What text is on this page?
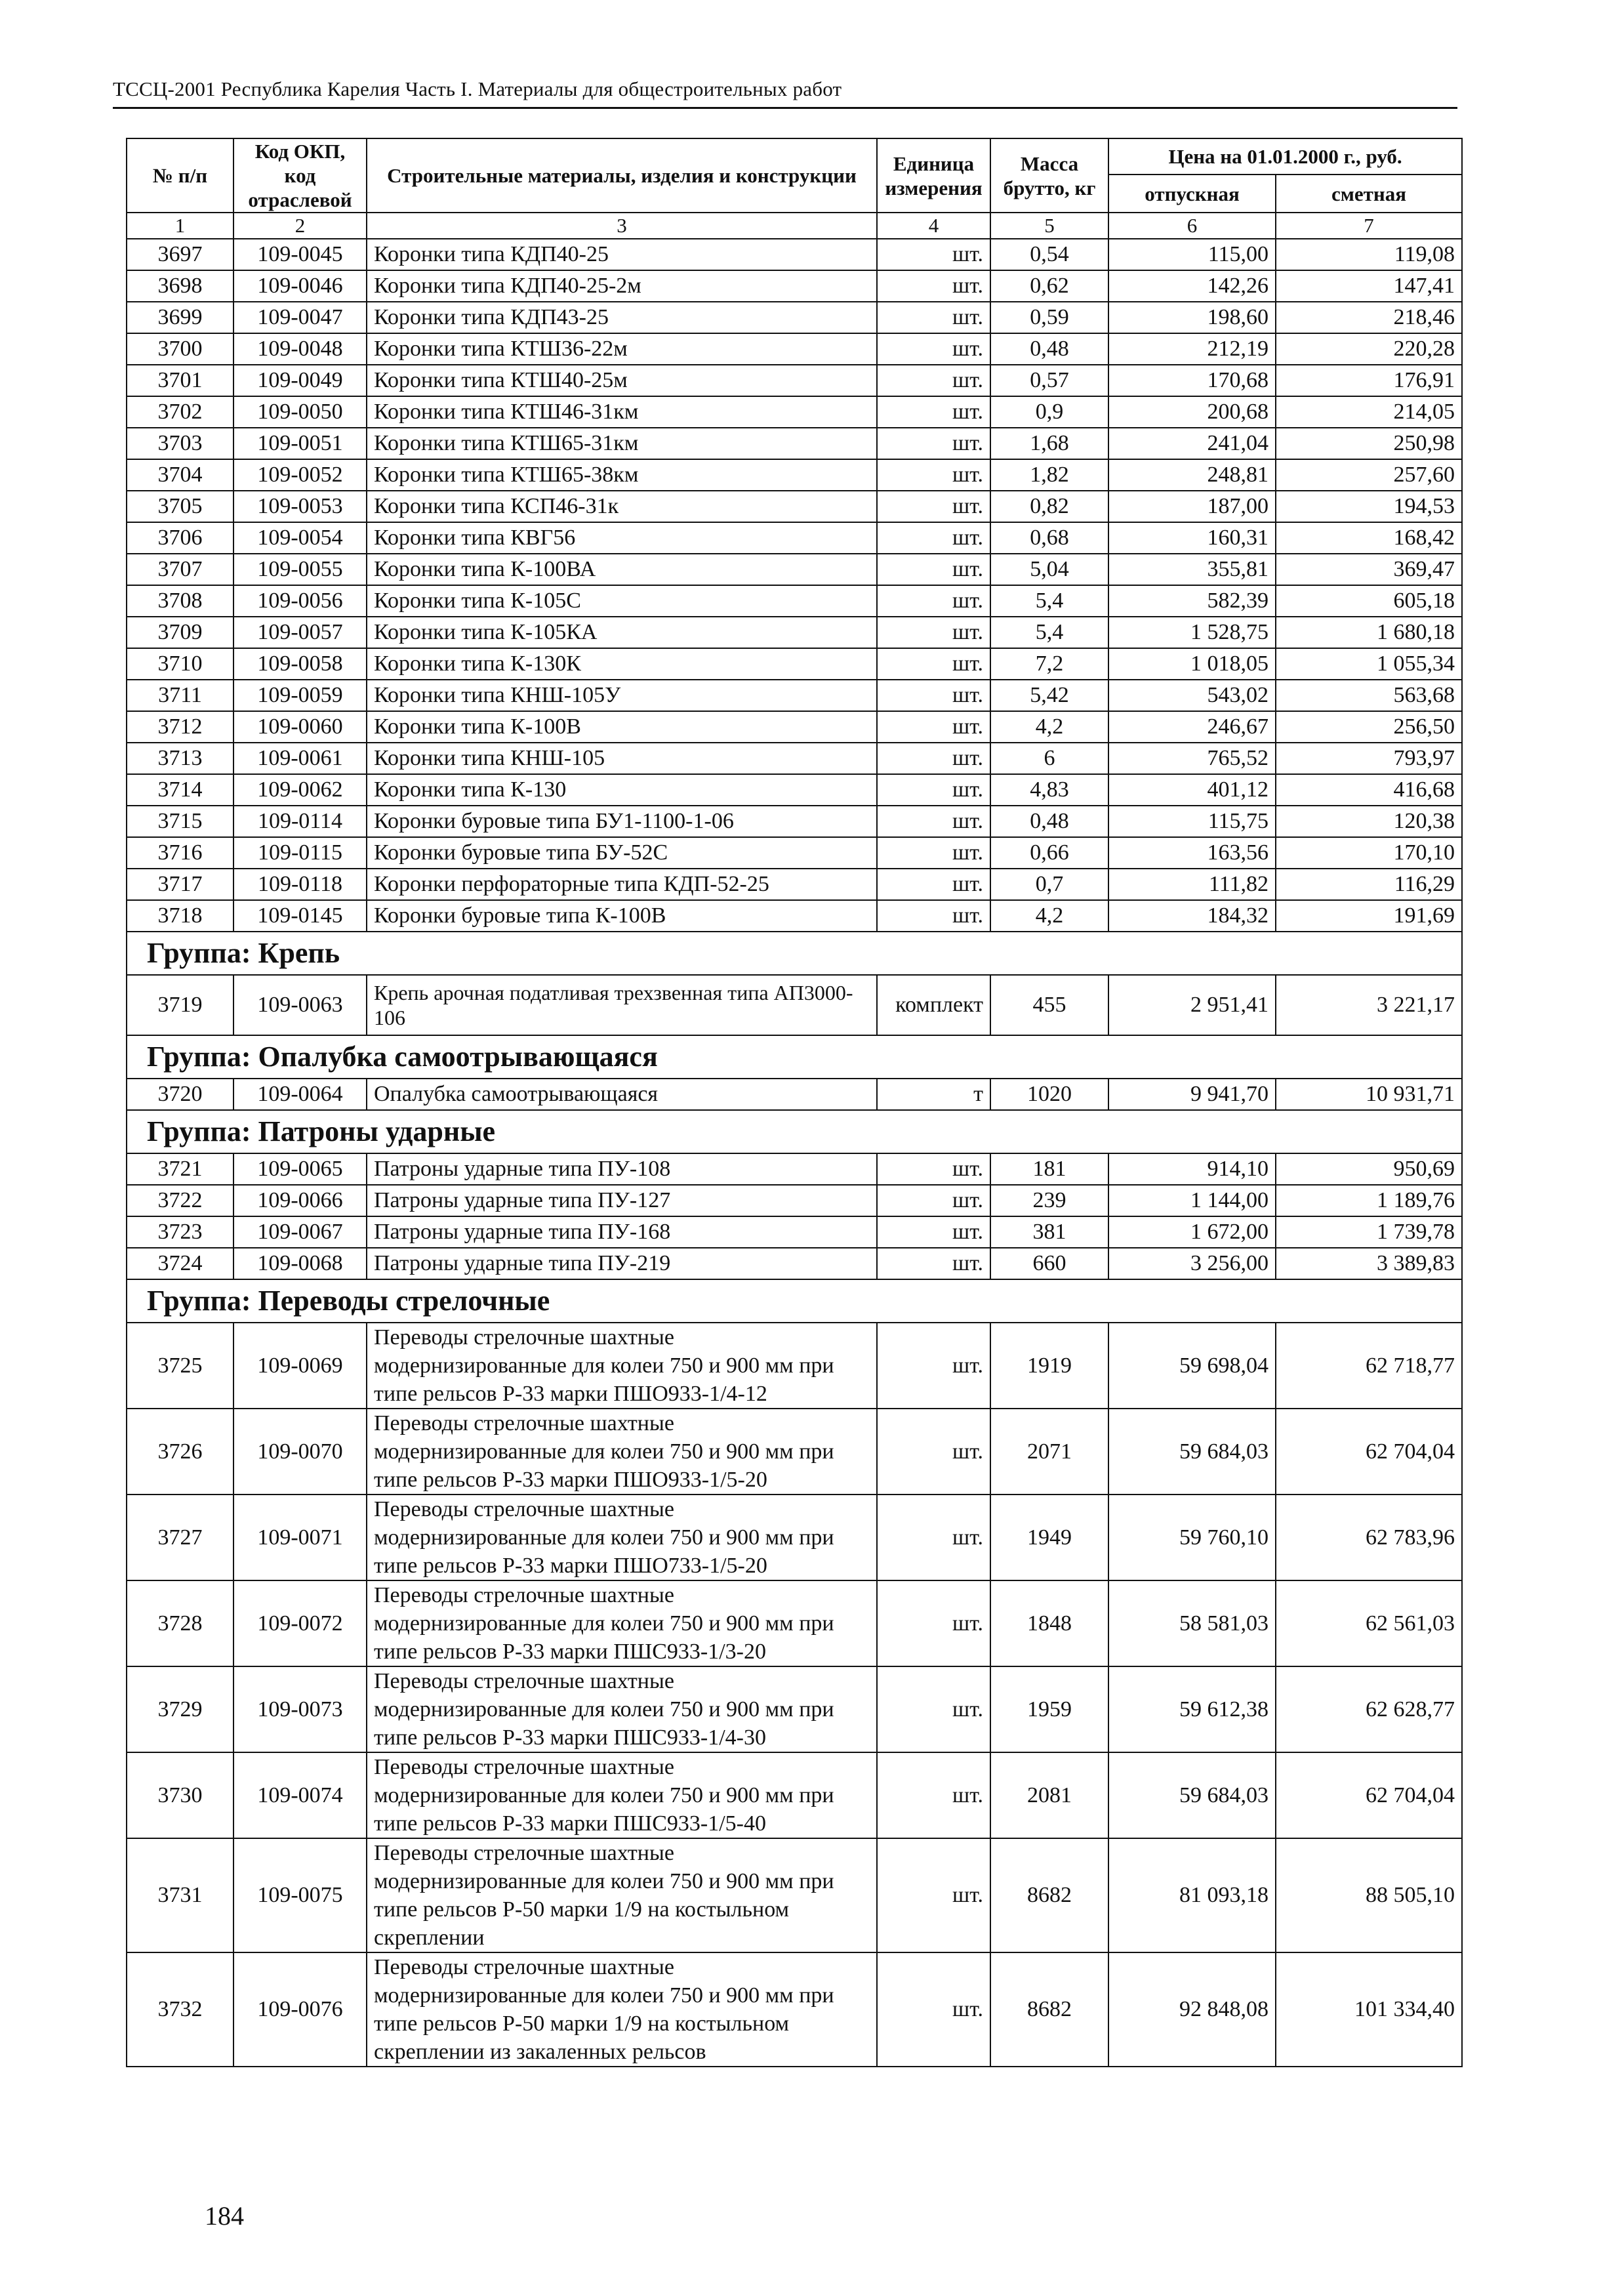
ТССЦ-2001 Республика Карелия Часть I. Материалы для общестроительных работ
№ п/п	Код ОКП, код отраслевой	Строительные материалы, изделия и конструкции	Единица измерения	Масса брутто, кг	Цена на 01.01.2000 г., руб.	
					отпускная	сметная
1	2	3	4	5	6	7
3697	109-0045	Коронки типа КДП40-25	шт.	0,54	115,00	119,08
3698	109-0046	Коронки типа КДП40-25-2м	шт.	0,62	142,26	147,41
3699	109-0047	Коронки типа КДП43-25	шт.	0,59	198,60	218,46
3700	109-0048	Коронки типа КТШ36-22м	шт.	0,48	212,19	220,28
3701	109-0049	Коронки типа КТШ40-25м	шт.	0,57	170,68	176,91
3702	109-0050	Коронки типа КТШ46-31км	шт.	0,9	200,68	214,05
3703	109-0051	Коронки типа КТШ65-31км	шт.	1,68	241,04	250,98
3704	109-0052	Коронки типа КТШ65-38км	шт.	1,82	248,81	257,60
3705	109-0053	Коронки типа КСП46-31к	шт.	0,82	187,00	194,53
3706	109-0054	Коронки типа КВГ56	шт.	0,68	160,31	168,42
3707	109-0055	Коронки типа К-100ВА	шт.	5,04	355,81	369,47
3708	109-0056	Коронки типа К-105С	шт.	5,4	582,39	605,18
3709	109-0057	Коронки типа К-105КА	шт.	5,4	1 528,75	1 680,18
3710	109-0058	Коронки типа К-130К	шт.	7,2	1 018,05	1 055,34
3711	109-0059	Коронки типа КНШ-105У	шт.	5,42	543,02	563,68
3712	109-0060	Коронки типа К-100В	шт.	4,2	246,67	256,50
3713	109-0061	Коронки типа КНШ-105	шт.	6	765,52	793,97
3714	109-0062	Коронки типа К-130	шт.	4,83	401,12	416,68
3715	109-0114	Коронки буровые типа БУ1-1100-1-06	шт.	0,48	115,75	120,38
3716	109-0115	Коронки буровые типа БУ-52С	шт.	0,66	163,56	170,10
3717	109-0118	Коронки перфораторные типа КДП-52-25	шт.	0,7	111,82	116,29
3718	109-0145	Коронки буровые типа К-100В	шт.	4,2	184,32	191,69
Группа: Крепь						
3719	109-0063	Крепь арочная податливая трехзвенная типа АП3000-106	комплект	455	2 951,41	3 221,17
Группа: Опалубка самоотрывающаяся						
3720	109-0064	Опалубка самоотрывающаяся	т	1020	9 941,70	10 931,71
Группа: Патроны ударные						
3721	109-0065	Патроны ударные типа ПУ-108	шт.	181	914,10	950,69
3722	109-0066	Патроны ударные типа ПУ-127	шт.	239	1 144,00	1 189,76
3723	109-0067	Патроны ударные типа ПУ-168	шт.	381	1 672,00	1 739,78
3724	109-0068	Патроны ударные типа ПУ-219	шт.	660	3 256,00	3 389,83
Группа: Переводы стрелочные						
3725	109-0069	Переводы стрелочные шахтные модернизированные для колеи 750 и 900 мм при типе рельсов Р-33 марки ПШО933-1/4-12	шт.	1919	59 698,04	62 718,77
3726	109-0070	Переводы стрелочные шахтные модернизированные для колеи 750 и 900 мм при типе рельсов Р-33 марки ПШО933-1/5-20	шт.	2071	59 684,03	62 704,04
3727	109-0071	Переводы стрелочные шахтные модернизированные для колеи 750 и 900 мм при типе рельсов Р-33 марки ПШО733-1/5-20	шт.	1949	59 760,10	62 783,96
3728	109-0072	Переводы стрелочные шахтные модернизированные для колеи 750 и 900 мм при типе рельсов Р-33 марки ПШС933-1/3-20	шт.	1848	58 581,03	62 561,03
3729	109-0073	Переводы стрелочные шахтные модернизированные для колеи 750 и 900 мм при типе рельсов Р-33 марки ПШС933-1/4-30	шт.	1959	59 612,38	62 628,77
3730	109-0074	Переводы стрелочные шахтные модернизированные для колеи 750 и 900 мм при типе рельсов Р-33 марки ПШС933-1/5-40	шт.	2081	59 684,03	62 704,04
3731	109-0075	Переводы стрелочные шахтные модернизированные для колеи 750 и 900 мм при типе рельсов Р-50 марки 1/9 на костыльном скреплении	шт.	8682	81 093,18	88 505,10
3732	109-0076	Переводы стрелочные шахтные модернизированные для колеи 750 и 900 мм при типе рельсов Р-50 марки 1/9 на костыльном скреплении из закаленных рельсов	шт.	8682	92 848,08	101 334,40
184
